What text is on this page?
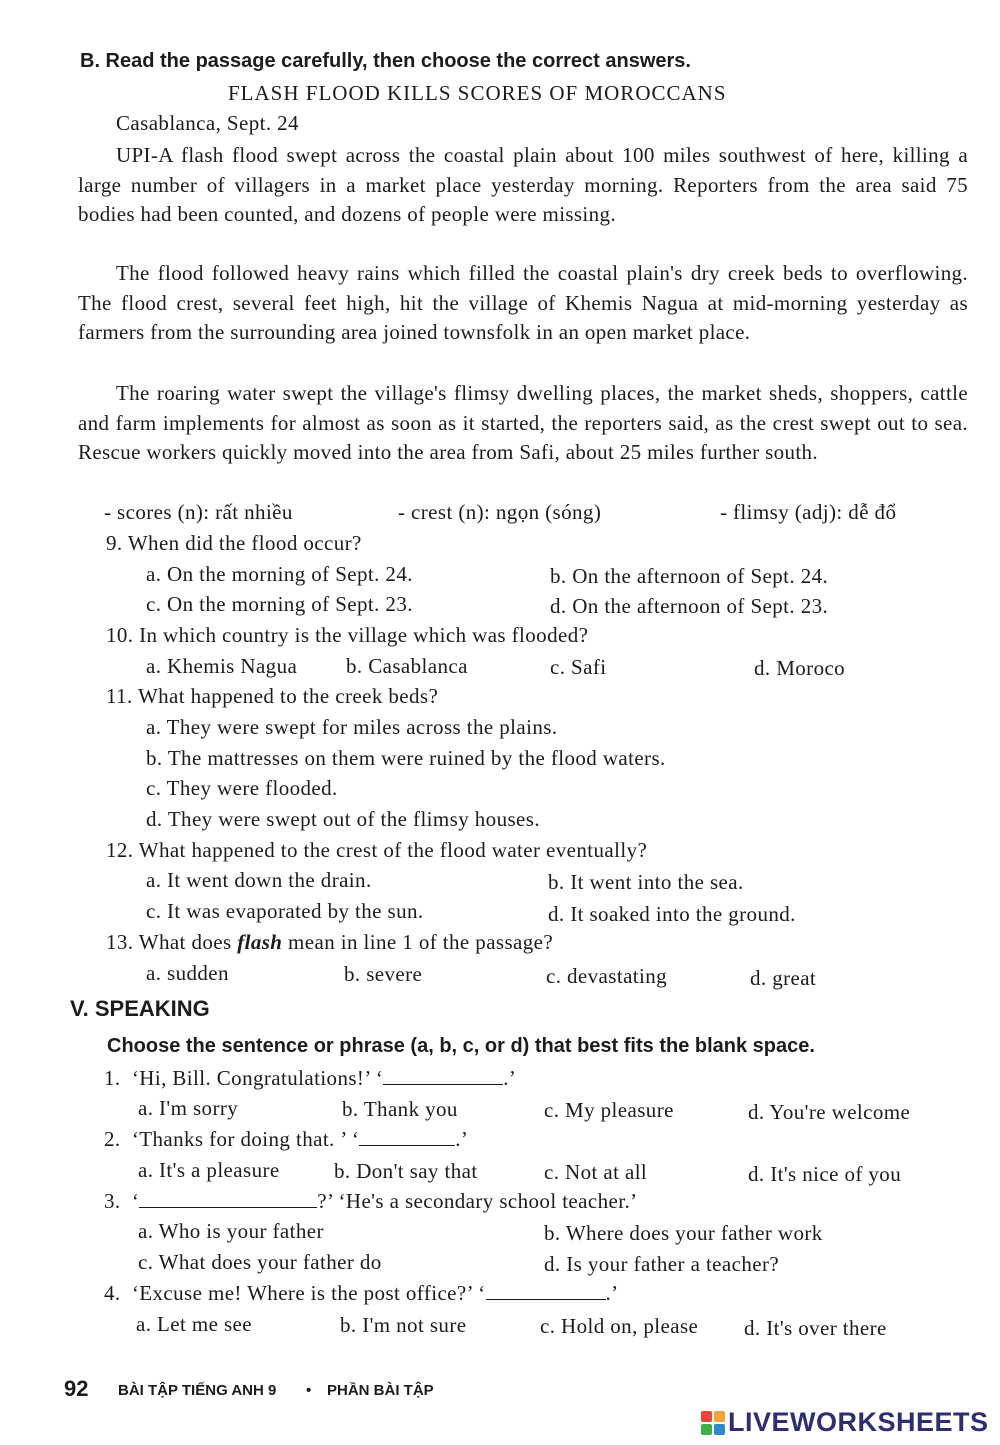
B. Read the passage carefully, then choose the correct answers.
FLASH FLOOD KILLS SCORES OF MOROCCANS
Casablanca, Sept. 24
UPI-A flash flood swept across the coastal plain about 100 miles southwest of here, killing a large number of villagers in a market place yesterday morning. Reporters from the area said 75 bodies had been counted, and dozens of people were missing.
The flood followed heavy rains which filled the coastal plain's dry creek beds to overflowing. The flood crest, several feet high, hit the village of Khemis Nagua at mid-morning yesterday as farmers from the surrounding area joined townsfolk in an open market place.
The roaring water swept the village's flimsy dwelling places, the market sheds, shoppers, cattle and farm implements for almost as soon as it started, the reporters said, as the crest swept out to sea. Rescue workers quickly moved into the area from Safi, about 25 miles further south.
- scores (n): rất nhiều	- crest (n): ngọn (sóng)	- flimsy (adj): dễ đổ
9. When did the flood occur?
a. On the morning of Sept. 24.	b. On the afternoon of Sept. 24.
c. On the morning of Sept. 23.	d. On the afternoon of Sept. 23.
10. In which country is the village which was flooded?
a. Khemis Nagua b. Casablanca	c. Safi	d. Moroco
11. What happened to the creek beds?
a. They were swept for miles across the plains.
b. The mattresses on them were ruined by the flood waters.
c. They were flooded.
d. They were swept out of the flimsy houses.
12. What happened to the crest of the flood water eventually?
a. It went down the drain.	b. It went into the sea.
c. It was evaporated by the sun.	d. It soaked into the ground.
13. What does flash mean in line 1 of the passage?
a. sudden	b. severe	c. devastating	d. great
V. SPEAKING
Choose the sentence or phrase (a, b, c, or d) that best fits the blank space.
1. ‘Hi, Bill. Congratulations!’ ‘	.’
a. I'm sorry	b. Thank you	c. My pleasure	d. You're welcome
2. ‘Thanks for doing that. ’ ‘	.’
a. It's a pleasure	b. Don't say that	c. Not at all	d. It's nice of you
3. ‘	?’ ‘He's a secondary school teacher.’
a. Who is your father	b. Where does your father work
c. What does your father do	d. Is your father a teacher?
4. ‘Excuse me! Where is the post office?’ ‘	.’
a. Let me see	b. I'm not sure	c. Hold on, please d. It's over there
92 BÀI TẬP TIẾNG ANH 9 • PHẦN BÀI TẬP
LIVEWORKSHEETS
